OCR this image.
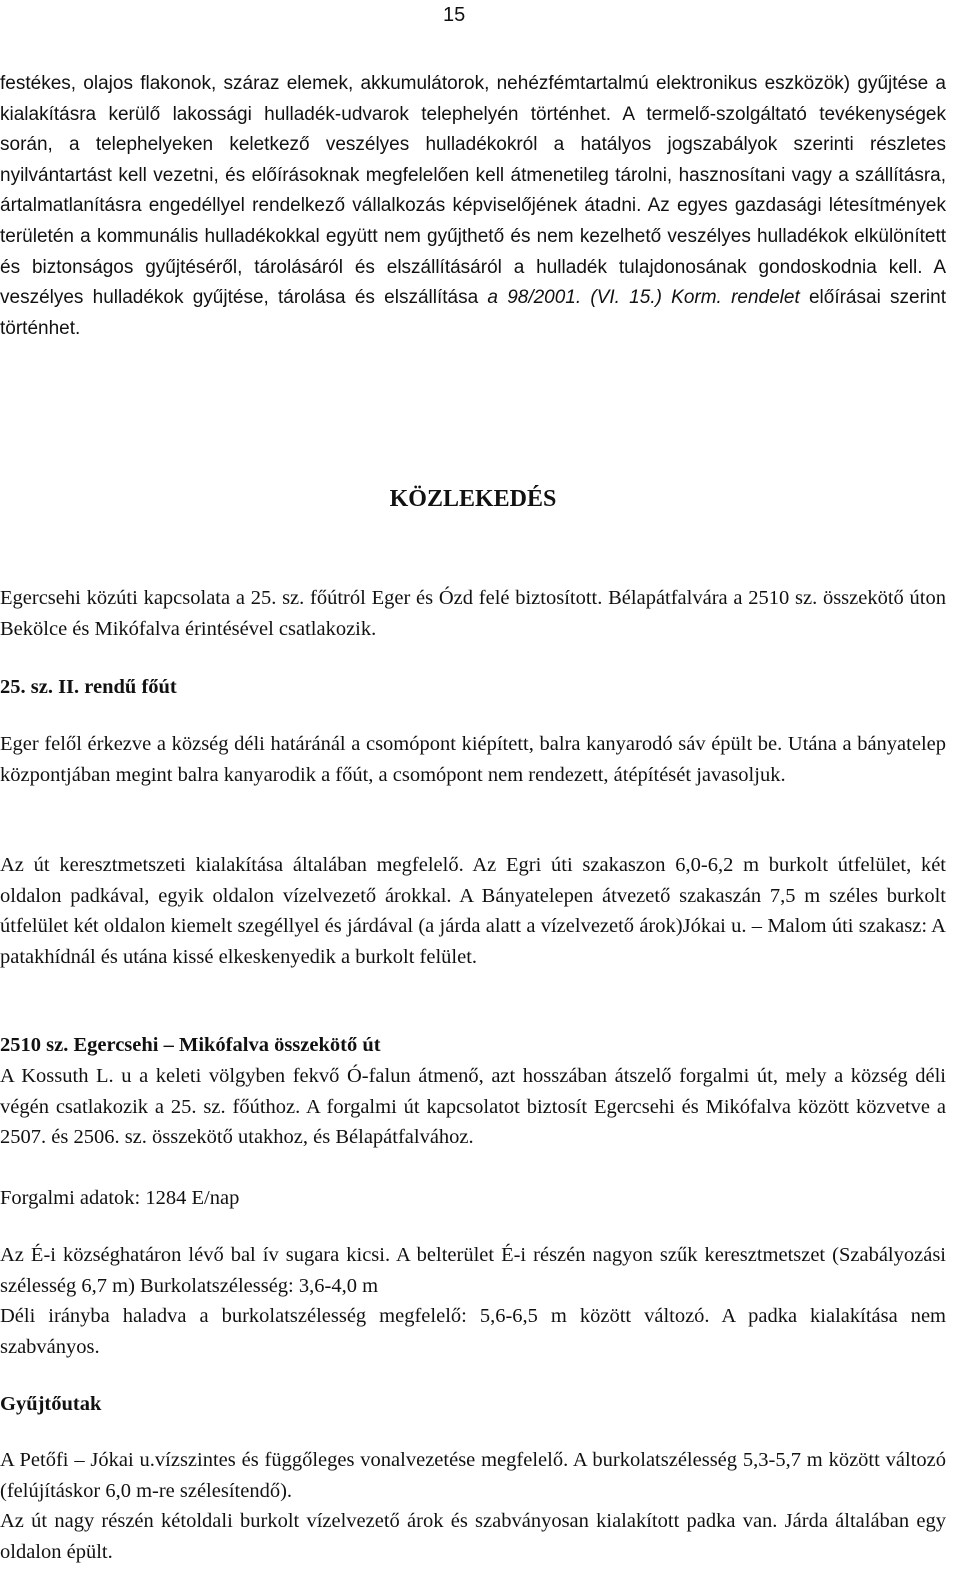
15

festékes, olajos flakonok, száraz elemek, akkumulátorok, nehézfémtartalmú elektronikus eszközök) gyűjtése a kialakításra kerülő lakossági hulladék-udvarok telephelyén történhet. A termelő-szolgáltató tevékenységek során, a telephelyeken keletkező veszélyes hulladékokról a hatályos jogszabályok szerinti részletes nyilvántartást kell vezetni, és előírásoknak megfelelően kell átmenetileg tárolni, hasznosítani vagy a szállításra, ártalmatlanításra engedéllyel rendelkező vállalkozás képviselőjének átadni. Az egyes gazdasági létesítmények területén a kommunális hulladékokkal együtt nem gyűjthető és nem kezelhető veszélyes hulladékok elkülönített és biztonságos gyűjtéséről, tárolásáról és elszállításáról a hulladék tulajdonosának gondoskodnia kell. A veszélyes hulladékok gyűjtése, tárolása és elszállítása a 98/2001. (VI. 15.) Korm. rendelet előírásai szerint történhet.

KÖZLEKEDÉS

Egercsehi közúti kapcsolata a 25. sz. főútról Eger és Ózd felé biztosított. Bélapátfalvára a 2510 sz. összekötő úton Bekölce és Mikófalva érintésével csatlakozik.

25. sz. II. rendű főút

Eger felől érkezve a község déli határánál a csomópont kiépített, balra kanyarodó sáv épült be. Utána a bányatelep központjában megint balra kanyarodik a főút, a csomópont nem rendezett, átépítését javasoljuk.

Az út keresztmetszeti kialakítása általában megfelelő. Az Egri úti szakaszon 6,0-6,2 m burkolt útfelület, két oldalon padkával, egyik oldalon vízelvezető árokkal. A Bányatelepen átvezető szakaszán 7,5 m széles burkolt útfelület két oldalon kiemelt szegéllyel és járdával (a járda alatt a vízelvezető árok)Jókai u. – Malom úti szakasz: A patakhídnál és utána kissé elkeskenyedik a burkolt felület.

2510 sz. Egercsehi – Mikófalva összekötő út

A Kossuth L. u a keleti völgyben fekvő Ó-falun átmenő, azt hosszában átszelő forgalmi út, mely a község déli végén csatlakozik a 25. sz. főúthoz. A forgalmi út kapcsolatot biztosít Egercsehi és Mikófalva között közvetve a 2507. és 2506. sz. összekötő utakhoz, és Bélapátfalvához.

Forgalmi adatok: 1284 E/nap

Az É-i községhatáron lévő bal ív sugara kicsi. A belterület É-i részén nagyon szűk keresztmetszet (Szabályozási szélesség 6,7 m) Burkolatszélesség: 3,6-4,0 m

Déli irányba haladva a burkolatszélesség megfelelő: 5,6-6,5 m között változó. A padka kialakítása nem szabványos.

Gyűjtőutak

A Petőfi – Jókai u.vízszintes és függőleges vonalvezetése megfelelő. A burkolatszélesség 5,3-5,7 m között változó (felújításkor 6,0 m-re szélesítendő).

Az út nagy részén kétoldali burkolt vízelvezető árok és szabványosan kialakított padka van. Járda általában egy oldalon épült.
